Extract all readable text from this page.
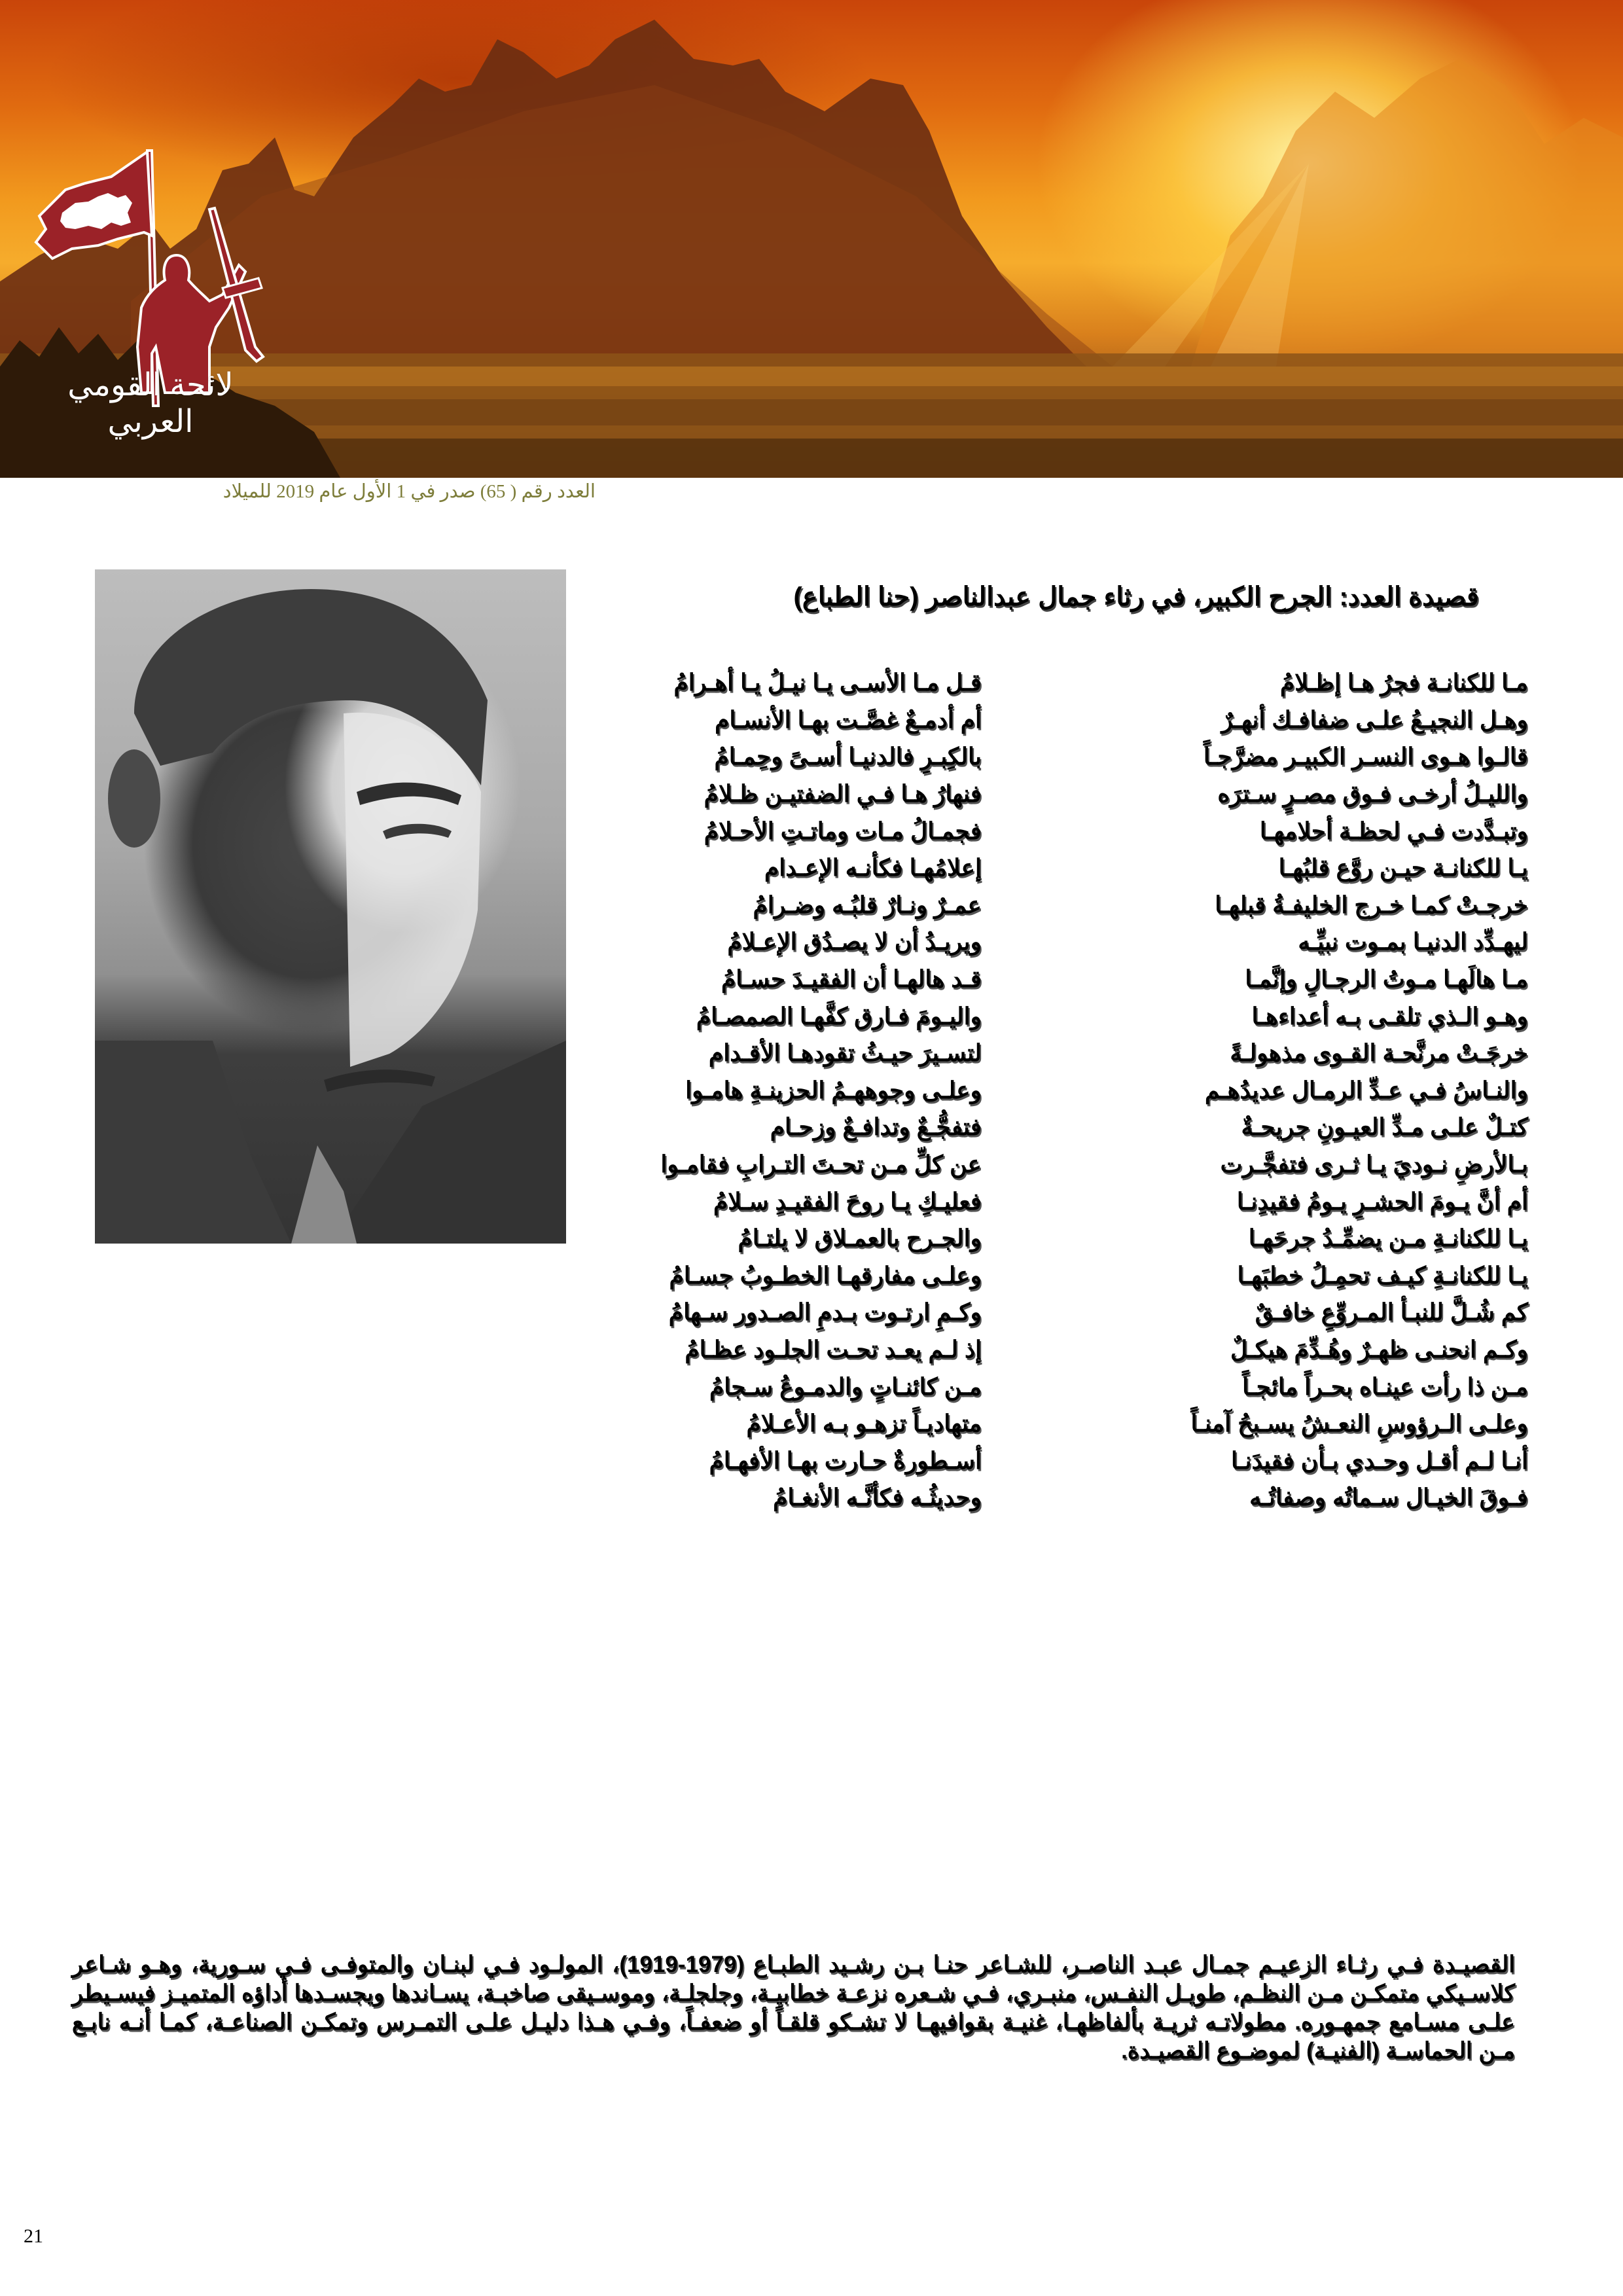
لائحة القومي العربي
العدد رقم ( 65) صدر في 1 الأول عام 2019 للميلاد
قصيدة العدد: الجرح الكبير، في رثاء جمال عبدالناصر (حنا الطباع)
مـا للكنانـة فجرُ هـا إظـلامُ
قـل مـا الأسـى يـا نيـلُ يـا أهـرامُ
وهـل النجيـعُ علـى ضفافـك أنهـرٌ
أم أدمـعٌ غصَّـت بهـا الأنسـام
قالـوا هـوى النسـر الكبيـر مضرَّجـاً
بالكِبـرِ فالدنيـا أسـىً وحِمـامُ
والليـلُ أرخـى فـوق مصـرٍ سـترَه
فنهارُ هـا فـي الضفتيـن ظـلامُ
وتبـدَّدت فـي لحظـة أحلامهـا
فجمـالُ مـات وماتـتِ الأحـلامُ
يـا للكنانـة حيـن روَّع قلبُهـا
إعلامُهـا فكأنـه الإعـدام
خرجـتْ كمـا خـرج الخليفـةُ قبلهـا
عمـرٌ ونـارٌ قلبُـه وضـرامُ
ليهـدِّد الدنيـا بمـوت نبيِّـه
ويريـدُ أن لا يصـدُق الإعـلامُ
مـا هالَهـا مـوتُ الرجـالِ وإنَّمـا
قـد هالهـا أن الفقيـدَ حسـامُ
وهـو الـذي تلقـى بـه أعداءهـا
واليـومَ فـارق كفَّهـا الصمصـامُ
خرجَـتْ مرنَّحـة القـوى مذهولـةً
لتسـيرَ حيـثُ تقودهـا الأقـدام
والنـاسُ فـي عـدِّ الرمـال عديدُهـم
وعلـى وجوههـمُ الحزينـةِ هامـوا
كتـلٌ علـى مـدِّ العيـونِ جريحـةٌ
فتفجُّـعٌ وتدافـعٌ وزحـام
بـالأرضِ نـوديَ يـا ثـرى فتفجَّـرت
عن كلِّ مـن تحـتَ التـرابِ فقامـوا
أم أنَّ يـومَ الحشـرِ يـومُ فقيدِنـا
فعليـكِ يـا روحَ الفقيـدِ سـلامُ
يـا للكنانـةِ مـن يضمِّـدُ جرحَهـا
والجـرح بالعمـلاق لا يلتـامُ
يـا للكنانـةِ كيـف تحمِـلُ خطبَهـا
وعلـى مفارقهـا الخطـوبُ جسـامُ
كم شُـلَّ للنبـأ المـروِّعِ خافـقٌ
وكـمِ ارتـوت بـدمِ الصـدور سـهامُ
وكـم انحنـى ظهـرٌ وهُـدِّمَ هيكـلٌ
إذ لـم يعـد تحـت الجلـود عظـامُ
مـن ذا رأت عينـاه بحـراً مائجـاً
مـن كائنـاتٍ والدمـوعُ سـجامُ
وعلـى الـرؤوسِ النعـشُ يسـبحُ آمنـاً
متهاديـاً تزهـو بـه الأعـلامُ
أنـا لـم أقـل وحـدي بـأن فقيدَنـا
أسـطورةٌ حـارت بهـا الأفهـامُ
فـوقَ الخيـال سـماتُه وصفاتُـه
وحديثُـه فكأنَّـه الأنغـامُ
القصيـدة فـي رثـاء الزعيـم جمـال عبـد الناصـر، للشـاعر حنـا بـن رشـيد الطبـاع (1979-1919)، المولـود فـي لبنـان والمتوفـى فـي سـورية، وهـو شـاعر كلاسـيكي متمكـن مـن النظـم، طويـل النفـس، منبـري، فـي شـعره نزعـة خطابيـة، وجلجلـة، وموسـيقى صاخبـة، يسـاندها ويجسـدها أداؤه المتميـز فيسـيطر علـى مسـامع جمهـوره. مطولاتـه ثريـة بألفاظهـا، غنيـة بقوافيهـا لا تشـكو قلقـاً أو ضعفـاً، وفـي هـذا دليـل علـى التمـرس وتمكـن الصناعـة، كمـا أنـه نابـع مـن الحماسـة (الفنيـة) لموضـوع القصيـدة.
21
